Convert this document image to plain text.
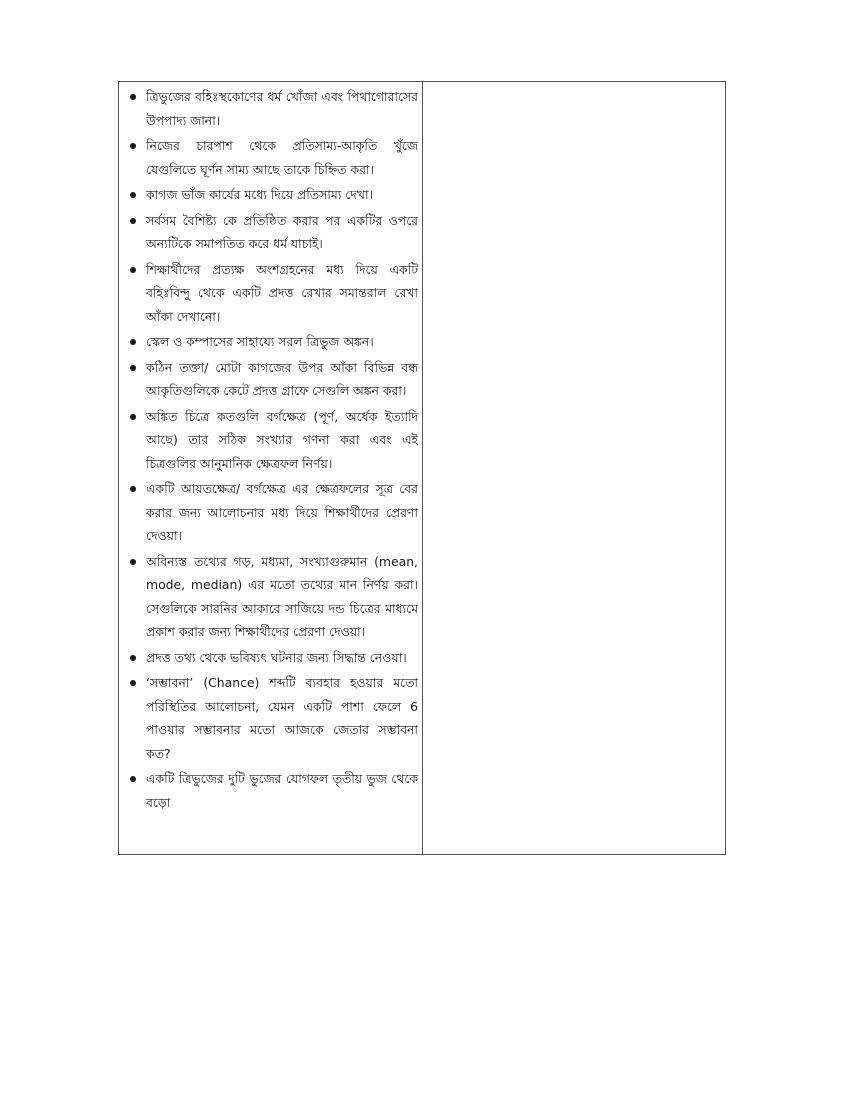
ত্রিভুজের বহিঃস্থকোণের ধর্ম খোঁজা এবং পিথাগোরাসের উপপাদ্য জানা।
নিজের চারপাশ থেকে প্রতিসাম্য-আকৃতি খুঁজে যেগুলিতে ঘূর্ণন সাম্য আছে তাকে চিহ্নিত করা।
কাগজ ভাঁজ কার্যের মধ্যে দিয়ে প্রতিসাম্য দেখা।
সর্বসম বৈশিষ্ট্য কে প্রতিষ্ঠিত করার পর একটির ওপরে অন্যটিকে সমাপতিত করে ধর্ম যাচাই।
শিক্ষার্থীদের প্রত্যক্ষ অংশগ্রহনের মধ্য দিয়ে একটি বহিঃবিন্দু থেকে একটি প্রদত্ত রেখার সমান্তরাল রেখা আঁকা দেখানো।
স্কেল ও কম্পাসের সাহায্যে সরল ত্রিভুজ অঙ্কন।
কঠিন তক্তা/ মোটা কাগজের উপর আঁকা বিভিন্ন বন্ধ আকৃতিগুলিকে কেটে প্রদত্ত গ্রাফে সেগুলি অঙ্কন করা।
অঙ্কিত চিত্রে কতগুলি বর্গক্ষেত্র (পূর্ণ, অর্ধেক ইত্যাদি আছে) তার সঠিক সংখ্যার গণনা করা এবং এই চিত্রগুলির আনুমানিক ক্ষেত্রফল নির্ণয়।
একটি আয়তক্ষেত্র/ বর্গক্ষেত্র এর ক্ষেত্রফলের সূত্র বের করার জন্য আলোচনার মধ্য দিয়ে শিক্ষার্থীদের প্রেরণা দেওয়া।
অবিন্যস্ত তথ্যের গড়, মধ্যমা, সংখ্যাগুরুমান (mean, mode, median) এর মতো তথ্যের মান নির্ণয় করা। সেগুলিকে সারনির আকারে সাজিয়ে দন্ড চিত্রের মাধ্যমে প্রকাশ করার জন্য শিক্ষার্থীদের প্রেরণা দেওয়া।
প্রদত্ত তথ্য থেকে ভবিষ্যৎ ঘটনার জন্য সিদ্ধান্ত নেওয়া।
‘সম্ভাবনা’ (Chance) শব্দটি ব্যবহার হওয়ার মতো পরিস্থিতির আলোচনা, যেমন একটি পাশা ফেলে 6 পাওয়ার সম্ভাবনার মতো আজকে জেতার সম্ভাবনা কত?
একটি ত্রিভুজের দুটি ভুজের যোগফল তৃতীয় ভুজ থেকে বড়ো
